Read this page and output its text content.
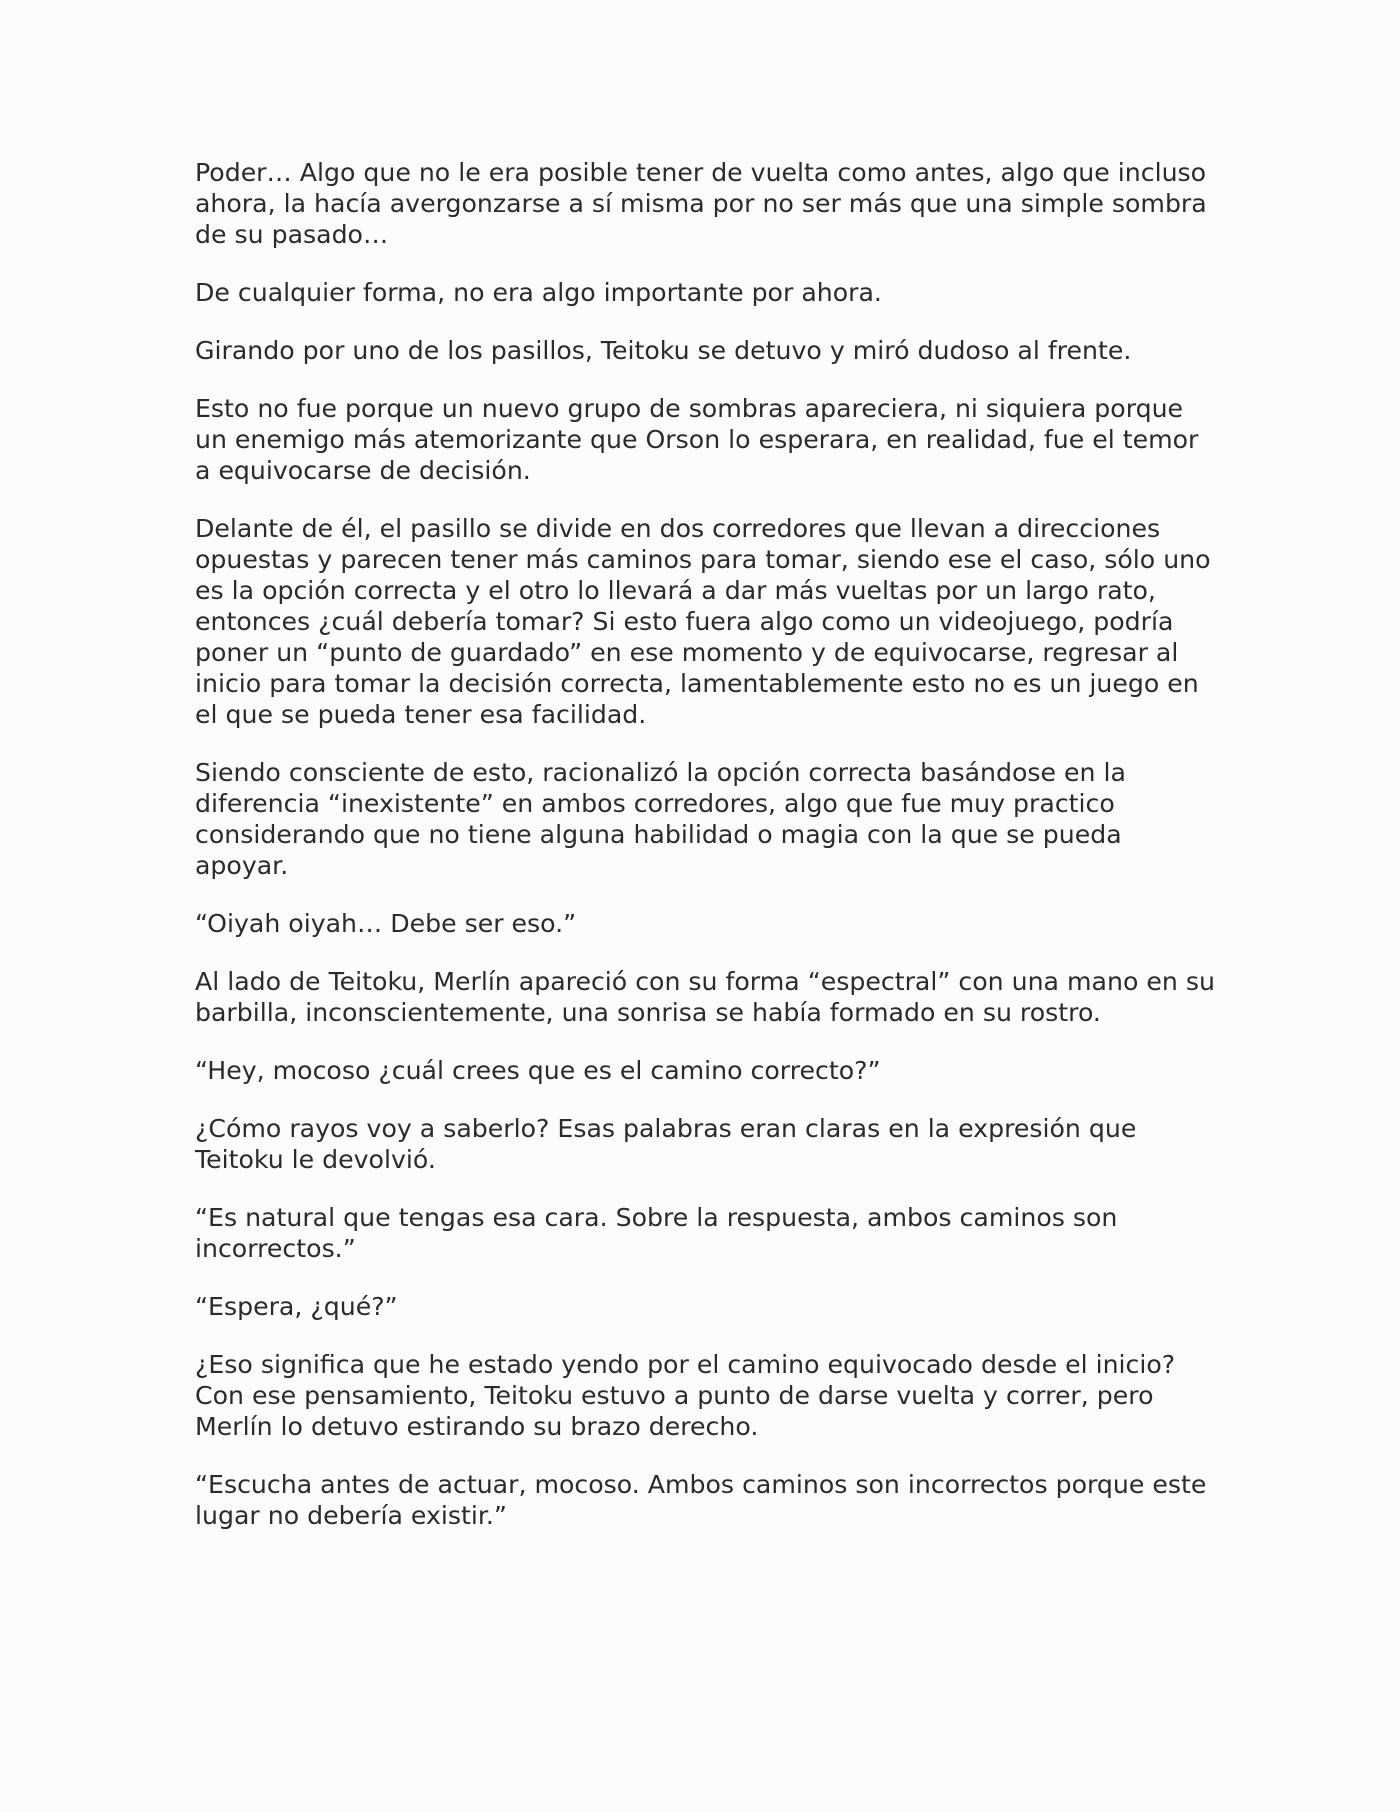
Poder… Algo que no le era posible tener de vuelta como antes, algo que incluso ahora, la hacía avergonzarse a sí misma por no ser más que una simple sombra de su pasado…

De cualquier forma, no era algo importante por ahora.

Girando por uno de los pasillos, Teitoku se detuvo y miró dudoso al frente.

Esto no fue porque un nuevo grupo de sombras apareciera, ni siquiera porque un enemigo más atemorizante que Orson lo esperara, en realidad, fue el temor a equivocarse de decisión.

Delante de él, el pasillo se divide en dos corredores que llevan a direcciones opuestas y parecen tener más caminos para tomar, siendo ese el caso, sólo uno es la opción correcta y el otro lo llevará a dar más vueltas por un largo rato, entonces ¿cuál debería tomar? Si esto fuera algo como un videojuego, podría poner un “punto de guardado” en ese momento y de equivocarse, regresar al inicio para tomar la decisión correcta, lamentablemente esto no es un juego en el que se pueda tener esa facilidad.

Siendo consciente de esto, racionalizó la opción correcta basándose en la diferencia “inexistente” en ambos corredores, algo que fue muy practico considerando que no tiene alguna habilidad o magia con la que se pueda apoyar.

“Oiyah oiyah… Debe ser eso.”

Al lado de Teitoku, Merlín apareció con su forma “espectral” con una mano en su barbilla, inconscientemente, una sonrisa se había formado en su rostro.

“Hey, mocoso ¿cuál crees que es el camino correcto?”

¿Cómo rayos voy a saberlo? Esas palabras eran claras en la expresión que Teitoku le devolvió.

“Es natural que tengas esa cara. Sobre la respuesta, ambos caminos son incorrectos.”

“Espera, ¿qué?”

¿Eso significa que he estado yendo por el camino equivocado desde el inicio? Con ese pensamiento, Teitoku estuvo a punto de darse vuelta y correr, pero Merlín lo detuvo estirando su brazo derecho.

“Escucha antes de actuar, mocoso. Ambos caminos son incorrectos porque este lugar no debería existir.”
